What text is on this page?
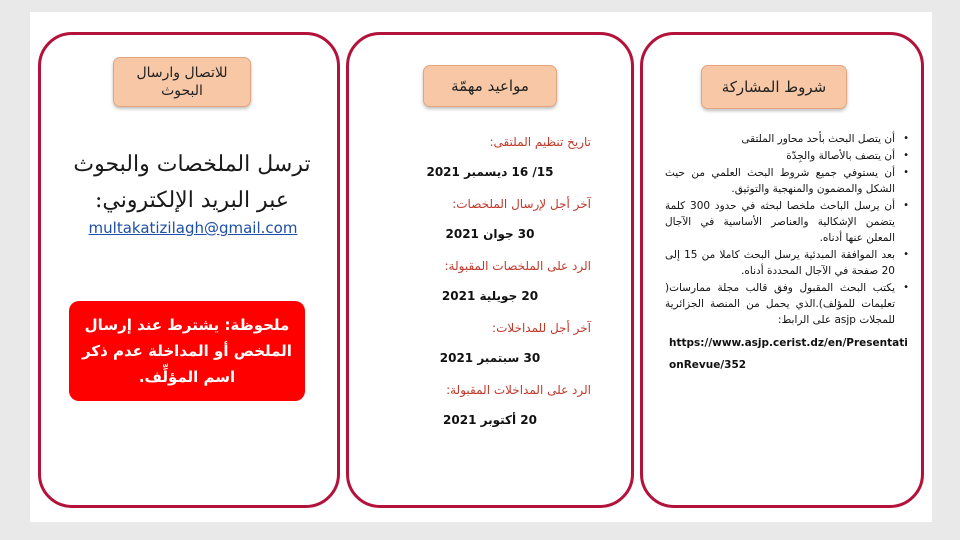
للاتصال وارسال البحوث
ترسل الملخصات والبحوث عبر البريد الإلكتروني:
multakatizilagh@gmail.com
ملحوظة: يشترط عند إرسال الملخص أو المداخلة عدم ذكر اسم المؤلِّف.
مواعيد مهمّة
تاريخ تنظيم الملتقى:
15/ 16 ديسمبر 2021
آخر أجل لإرسال الملخصات:
30 جوان 2021
الرد على الملخصات المقبولة:
20 جويلية 2021
آخر أجل للمداخلات:
30 سبتمبر 2021
الرد على المداخلات المقبولة:
20 أكتوبر 2021
شروط المشاركة
•
أن يتصل البحث بأحد محاور الملتقى
•
أن يتصف بالأصالة والجِدّة
•
أن يستوفي جميع شروط البحث العلمي من حيث الشكل والمضمون والمنهجية والتوثيق.
•
أن يرسل الباحث ملخصا لبحثه في حدود 300 كلمة يتضمن الإشكالية والعناصر الأساسية في الآجال المعلن عنها أدناه.
•
بعد الموافقة المبدئية يرسل البحث كاملا من 15 إلى 20 صفحة في الآجال المحددة أدناه.
•
يكتب البحث المقبول وفق قالب مجلة ممارسات( تعليمات للمؤلف).الذي يحمل من المنصة الجزائرية للمجلات asjp على الرابط:
https://www.asjp.cerist.dz/en/PresentationRevue/352
